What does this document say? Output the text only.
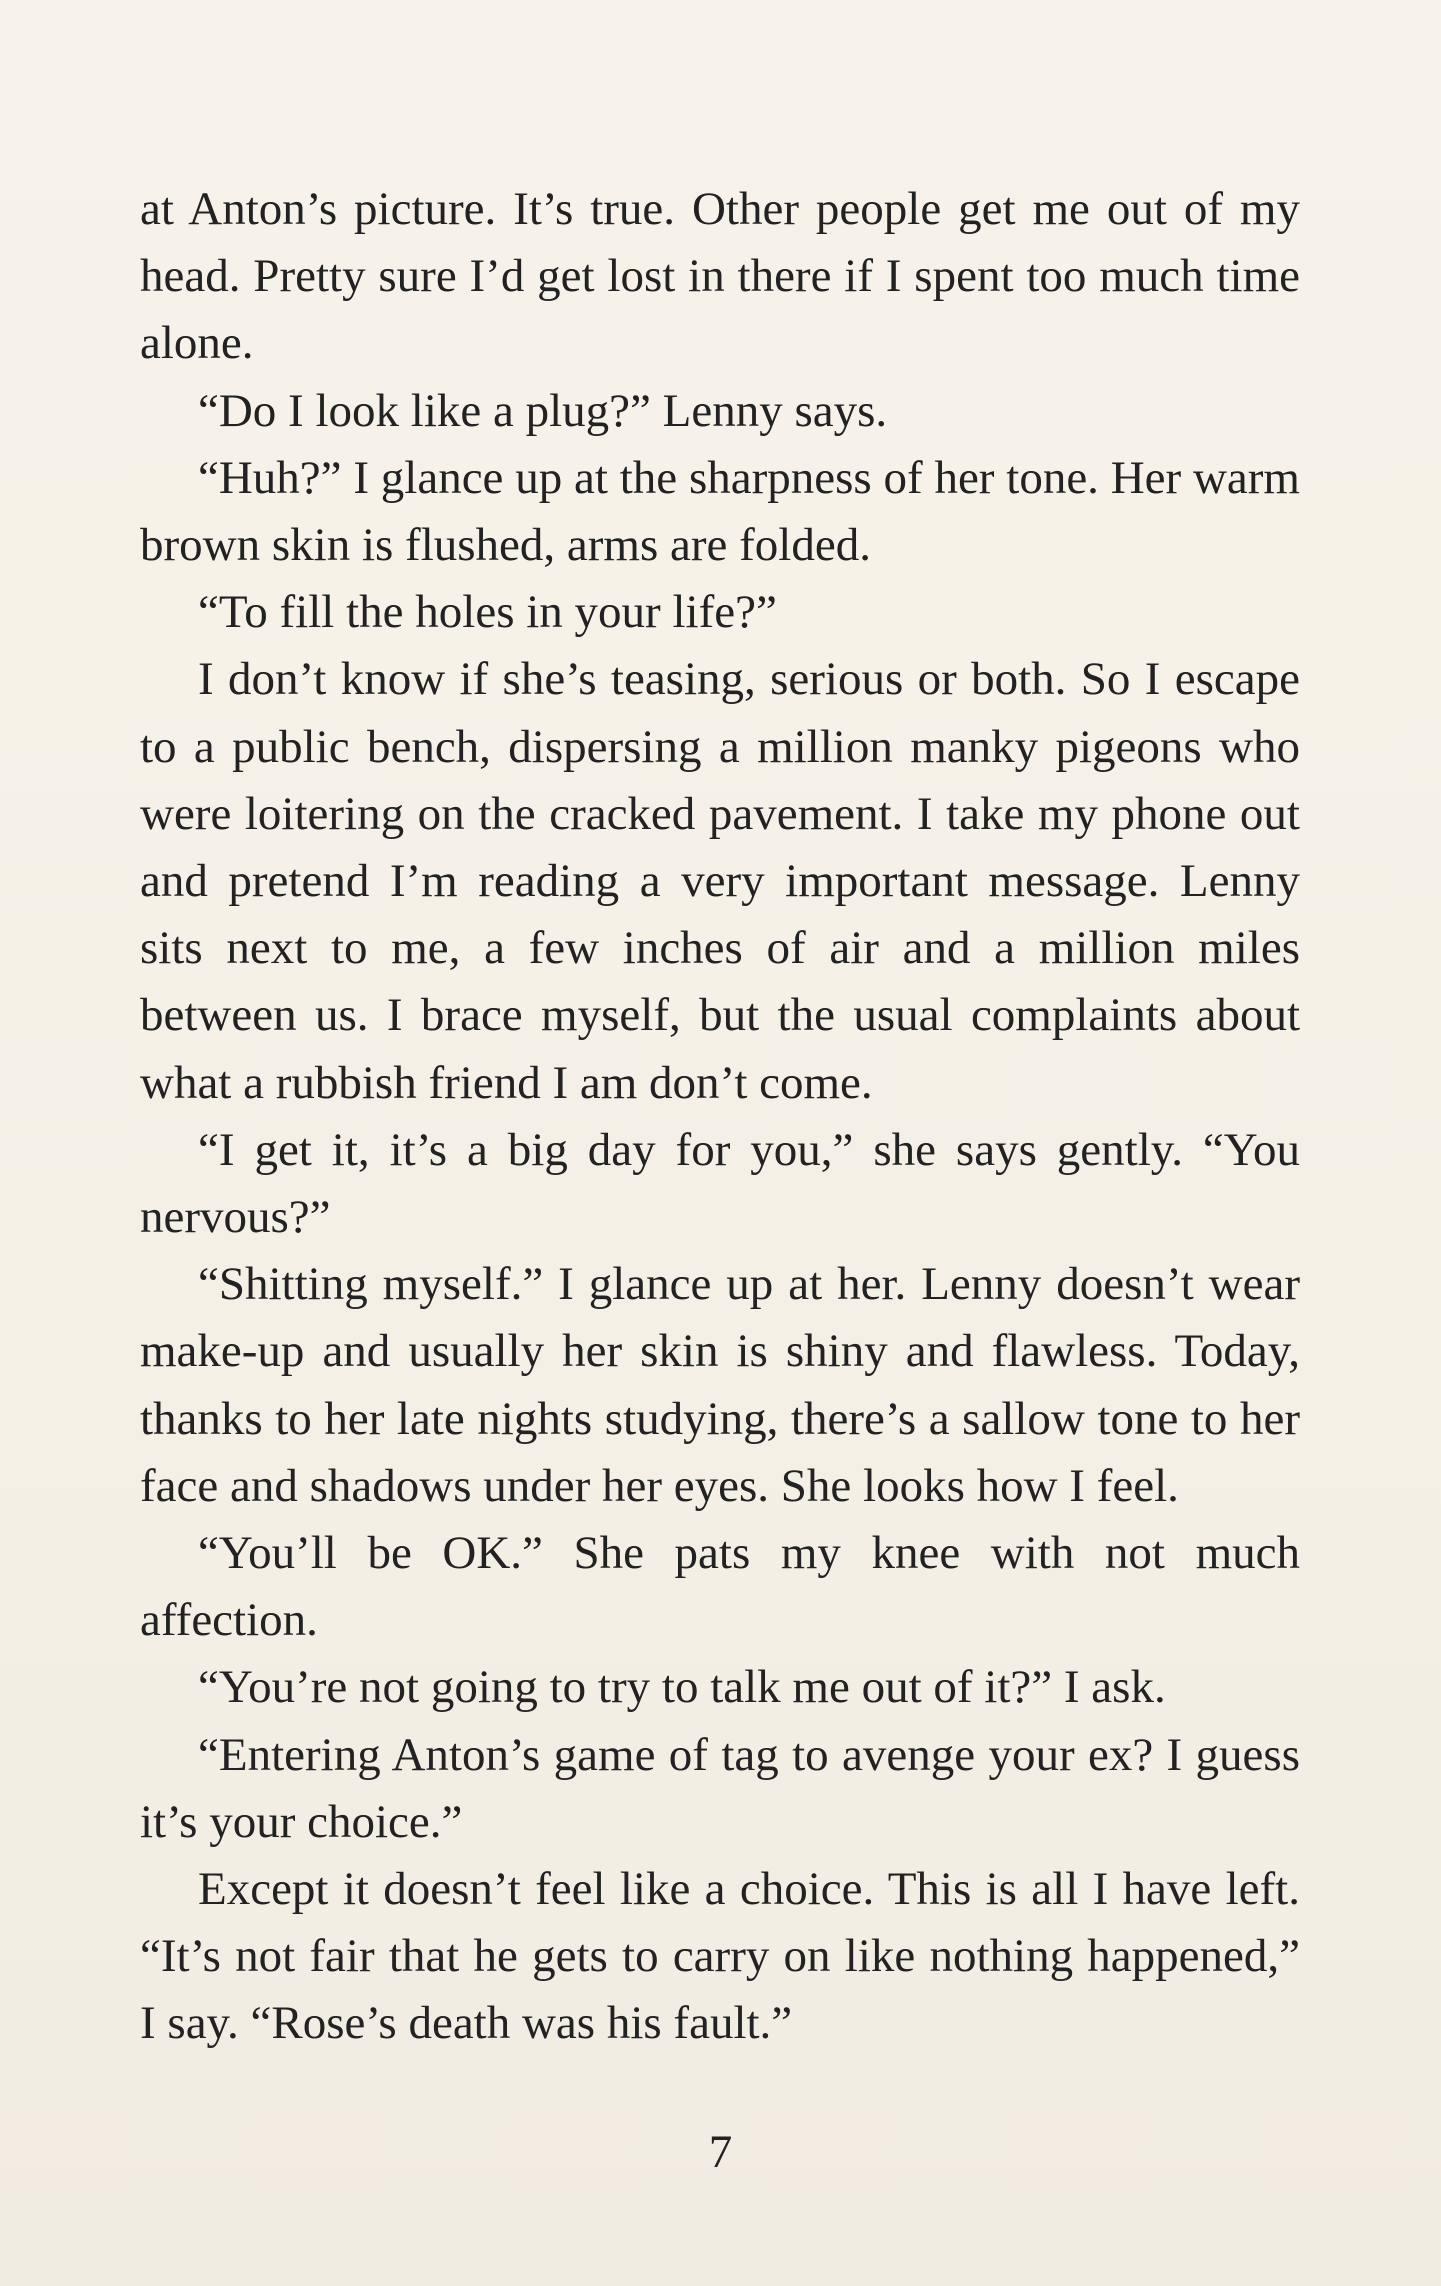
at Anton’s picture. It’s true. Other people get me out of my head. Pretty sure I’d get lost in there if I spent too much time alone.

“Do I look like a plug?” Lenny says.

“Huh?” I glance up at the sharpness of her tone. Her warm brown skin is flushed, arms are folded.

“To fill the holes in your life?”

I don’t know if she’s teasing, serious or both. So I escape to a public bench, dispersing a million manky pigeons who were loitering on the cracked pavement. I take my phone out and pretend I’m reading a very important message. Lenny sits next to me, a few inches of air and a million miles between us. I brace myself, but the usual complaints about what a rubbish friend I am don’t come.

“I get it, it’s a big day for you,” she says gently. “You nervous?”

“Shitting myself.” I glance up at her. Lenny doesn’t wear make-up and usually her skin is shiny and flawless. Today, thanks to her late nights studying, there’s a sallow tone to her face and shadows under her eyes. She looks how I feel.

“You’ll be OK.” She pats my knee with not much affection.

“You’re not going to try to talk me out of it?” I ask.

“Entering Anton’s game of tag to avenge your ex? I guess it’s your choice.”

Except it doesn’t feel like a choice. This is all I have left. “It’s not fair that he gets to carry on like nothing happened,” I say. “Rose’s death was his fault.”

7
